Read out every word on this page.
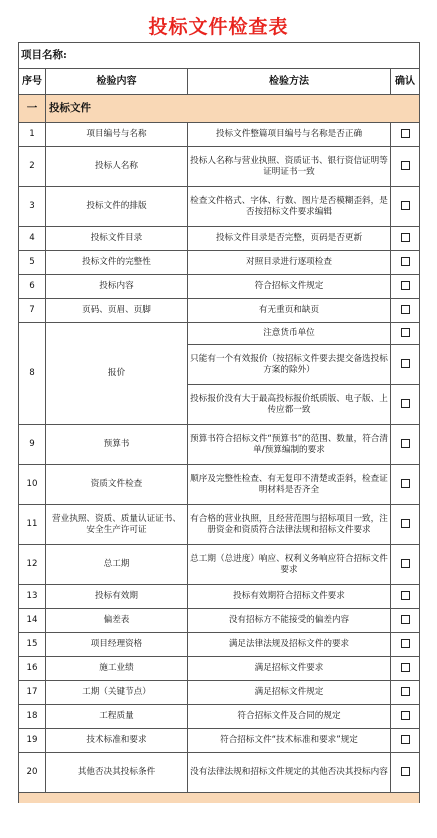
投标文件检查表
项目名称:			
序号	检验内容	检验方法	确认
一	投标文件		
1	项目编号与名称	投标文件整篇项目编号与名称是否正确	
2	投标人名称	投标人名称与营业执照、资质证书、银行资信证明等证明证书一致	
3	投标文件的排版	检查文件格式、字体、行数、图片是否模糊歪斜，是否按招标文件要求编辑	
4	投标文件目录	投标文件目录是否完整，页码是否更新	
5	投标文件的完整性	对照目录进行逐项检查	
6	投标内容	符合招标文件规定	
7	页码、页眉、页脚	有无重页和缺页	
8	报价	注意货币单位	
		只能有一个有效报价（按招标文件要去提交备选投标方案的除外）	
		投标报价没有大于最高投标报价纸质版、电子版、上传应都一致	
9	预算书	预算书符合招标文件“预算书”的范围、数量，符合清单/预算编制的要求	
10	资质文件检查	顺序及完整性检查、有无复印不清楚或歪斜，检查证明材料是否齐全	
11	营业执照、资质、质量认证证书、安全生产许可证	有合格的营业执照，且经营范围与招标项目一致，注册资金和资质符合法律法规和招标文件要求	
12	总工期	总工期（总进度）响应、权利义务响应符合招标文件要求	
13	投标有效期	投标有效期符合招标文件要求	
14	偏差表	没有招标方不能接受的偏差内容	
15	项目经理资格	满足法律法规及招标文件的要求	
16	施工业绩	满足招标文件要求	
17	工期（关键节点）	满足招标文件规定	
18	工程质量	符合招标文件及合同的规定	
19	技术标准和要求	符合招标文件“技术标准和要求”规定	
20	其他否决其投标条件	没有法律法规和招标文件规定的其他否决其投标内容	
